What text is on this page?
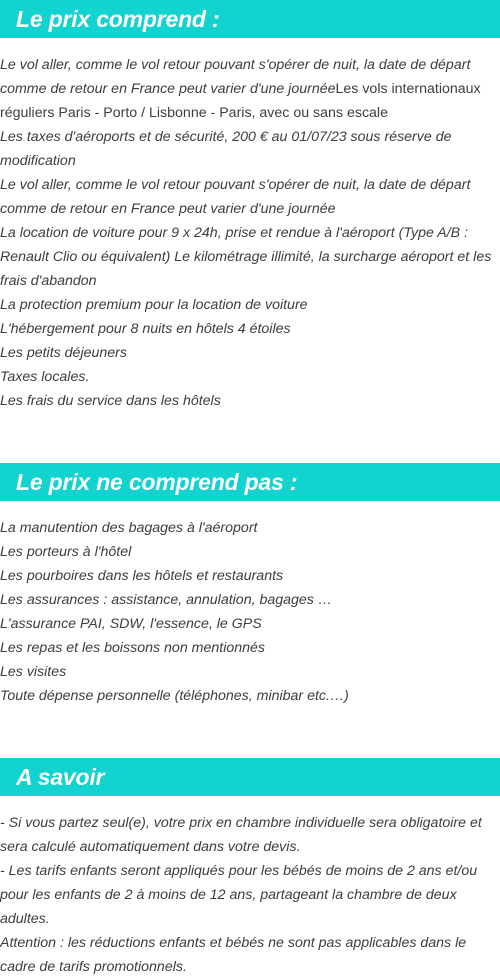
Le prix comprend :
Le vol aller, comme le vol retour pouvant s'opérer de nuit, la date de départ comme de retour en France peut varier d'une journéeLes vols internationaux réguliers Paris - Porto / Lisbonne - Paris, avec ou sans escale
Les taxes d'aéroports et de sécurité, 200 € au 01/07/23 sous réserve de modification
Le vol aller, comme le vol retour pouvant s'opérer de nuit, la date de départ comme de retour en France peut varier d'une journée
La location de voiture pour 9 x 24h, prise et rendue à l'aéroport (Type A/B : Renault Clio ou équivalent) Le kilométrage illimité, la surcharge aéroport et les frais d'abandon
La protection premium pour la location de voiture
L'hébergement pour 8 nuits en hôtels 4 étoiles
Les petits déjeuners
Taxes locales.
Les frais du service dans les hôtels
Le prix ne comprend pas :
La manutention des bagages à l'aéroport
Les porteurs à l'hôtel
Les pourboires dans les hôtels et restaurants
Les assurances : assistance, annulation, bagages …
L'assurance PAI, SDW, l'essence, le GPS
Les repas et les boissons non mentionnés
Les visites
Toute dépense personnelle (téléphones, minibar etc.…)
A savoir
- Si vous partez seul(e), votre prix en chambre individuelle sera obligatoire et sera calculé automatiquement dans votre devis.
- Les tarifs enfants seront appliqués pour les bébés de moins de 2 ans et/ou pour les enfants de 2 à moins de 12 ans, partageant la chambre de deux adultes.
Attention : les réductions enfants et bébés ne sont pas applicables dans le cadre de tarifs promotionnels.
